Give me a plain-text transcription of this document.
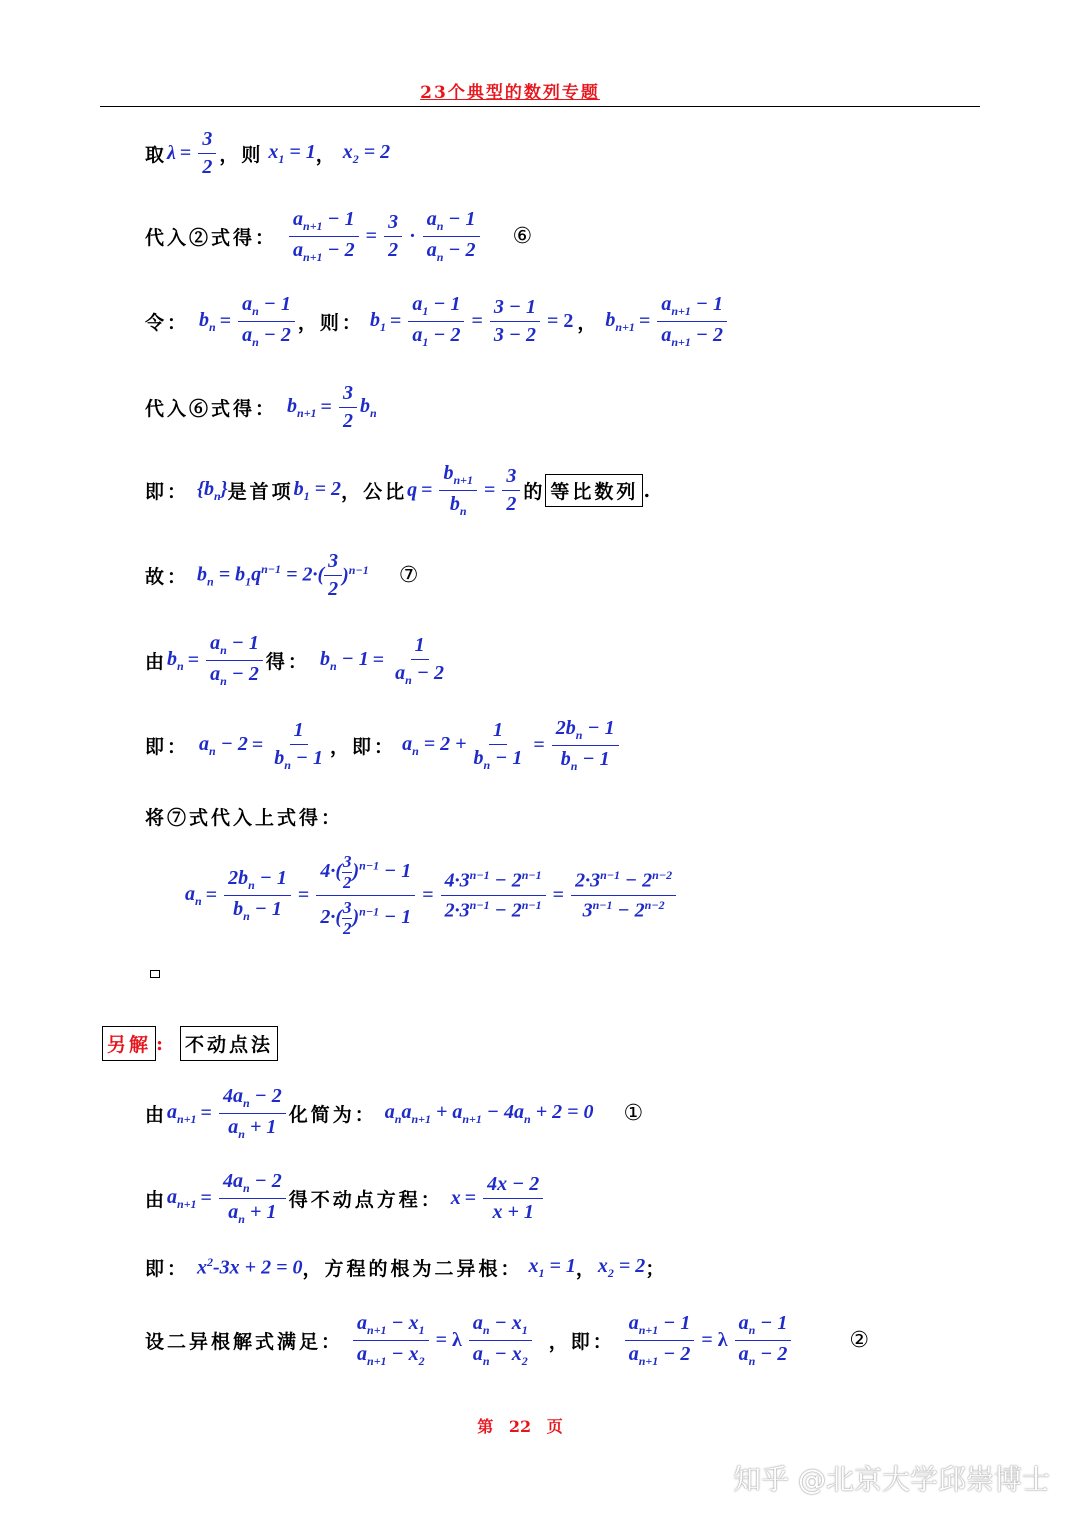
23个典型的数列专题
取 $\lambda = \frac{3}{2}$ ，则 $x_1 = 1$ ， $x_2 = 2$
代入②式得： $\frac{a_{n+1} - 1}{a_{n+1} - 2} = \frac{3}{2} \cdot \frac{a_n - 1}{a_n - 2}$ ⑥
令： $b_n = \frac{a_n - 1}{a_n - 2}$ ，则： $b_1 = \frac{a_1 - 1}{a_1 - 2} = \frac{3 - 1}{3 - 2} = 2$ ， $b_{n+1} = \frac{a_{n+1} - 1}{a_{n+1} - 2}$
代入⑥式得： $b_{n+1} = \frac{3}{2} b_n$
即： $\{b_n\}$ 是首项 $b_1 = 2$ ，公比 $q = \frac{b_{n+1}}{b_n} = \frac{3}{2}$ 的 等比数列 .
故： $b_n = b_1q^{n-1} = 2\cdot( \frac{3}{2} )^{n-1}$ ⑦
由 $b_n = \frac{a_n - 1}{a_n - 2}$ 得： $b_n - 1 = \frac{1}{a_n - 2}$
即： $a_n - 2 = \frac{1}{b_n - 1}$ ，即： $a_n = 2 + \frac{1}{b_n - 1} = \frac{2b_n - 1}{b_n - 1}$
将⑦式代入上式得：
$a_n = \frac{2b_n - 1}{b_n - 1} = \frac{4\cdot( \frac{3}{2} )^{n-1} - 1}{2\cdot( \frac{3}{2} )^{n-1} - 1} = \frac{4\cdot 3^{n-1} - 2^{n-1}}{2\cdot 3^{n-1} - 2^{n-1}} = \frac{2\cdot 3^{n-1} - 2^{n-2}}{3^{n-1} - 2^{n-2}}$
另解 : 不动点法
由 $a_{n+1} = \frac{4a_n - 2}{a_n + 1}$ 化简为： $a_na_{n+1} + a_{n+1} - 4a_n + 2 = 0$ ①
由 $a_{n+1} = \frac{4a_n - 2}{a_n + 1}$ 得不动点方程： $x = \frac{4x - 2}{x + 1}$
即： $x^2-3x + 2 = 0$ ，方程的根为二异根： $x_1 = 1$ ， $x_2 = 2$ ；
设二异根解式满足： $\frac{a_{n+1} - x_1}{a_{n+1} - x_2} = \lambda \frac{a_n - x_1}{a_n - x_2}$ ，即： $\frac{a_{n+1} - 1}{a_{n+1} - 2} = \lambda \frac{a_n - 1}{a_n - 2}$	②
第 22 页
知乎 @北京大学邱崇博士
